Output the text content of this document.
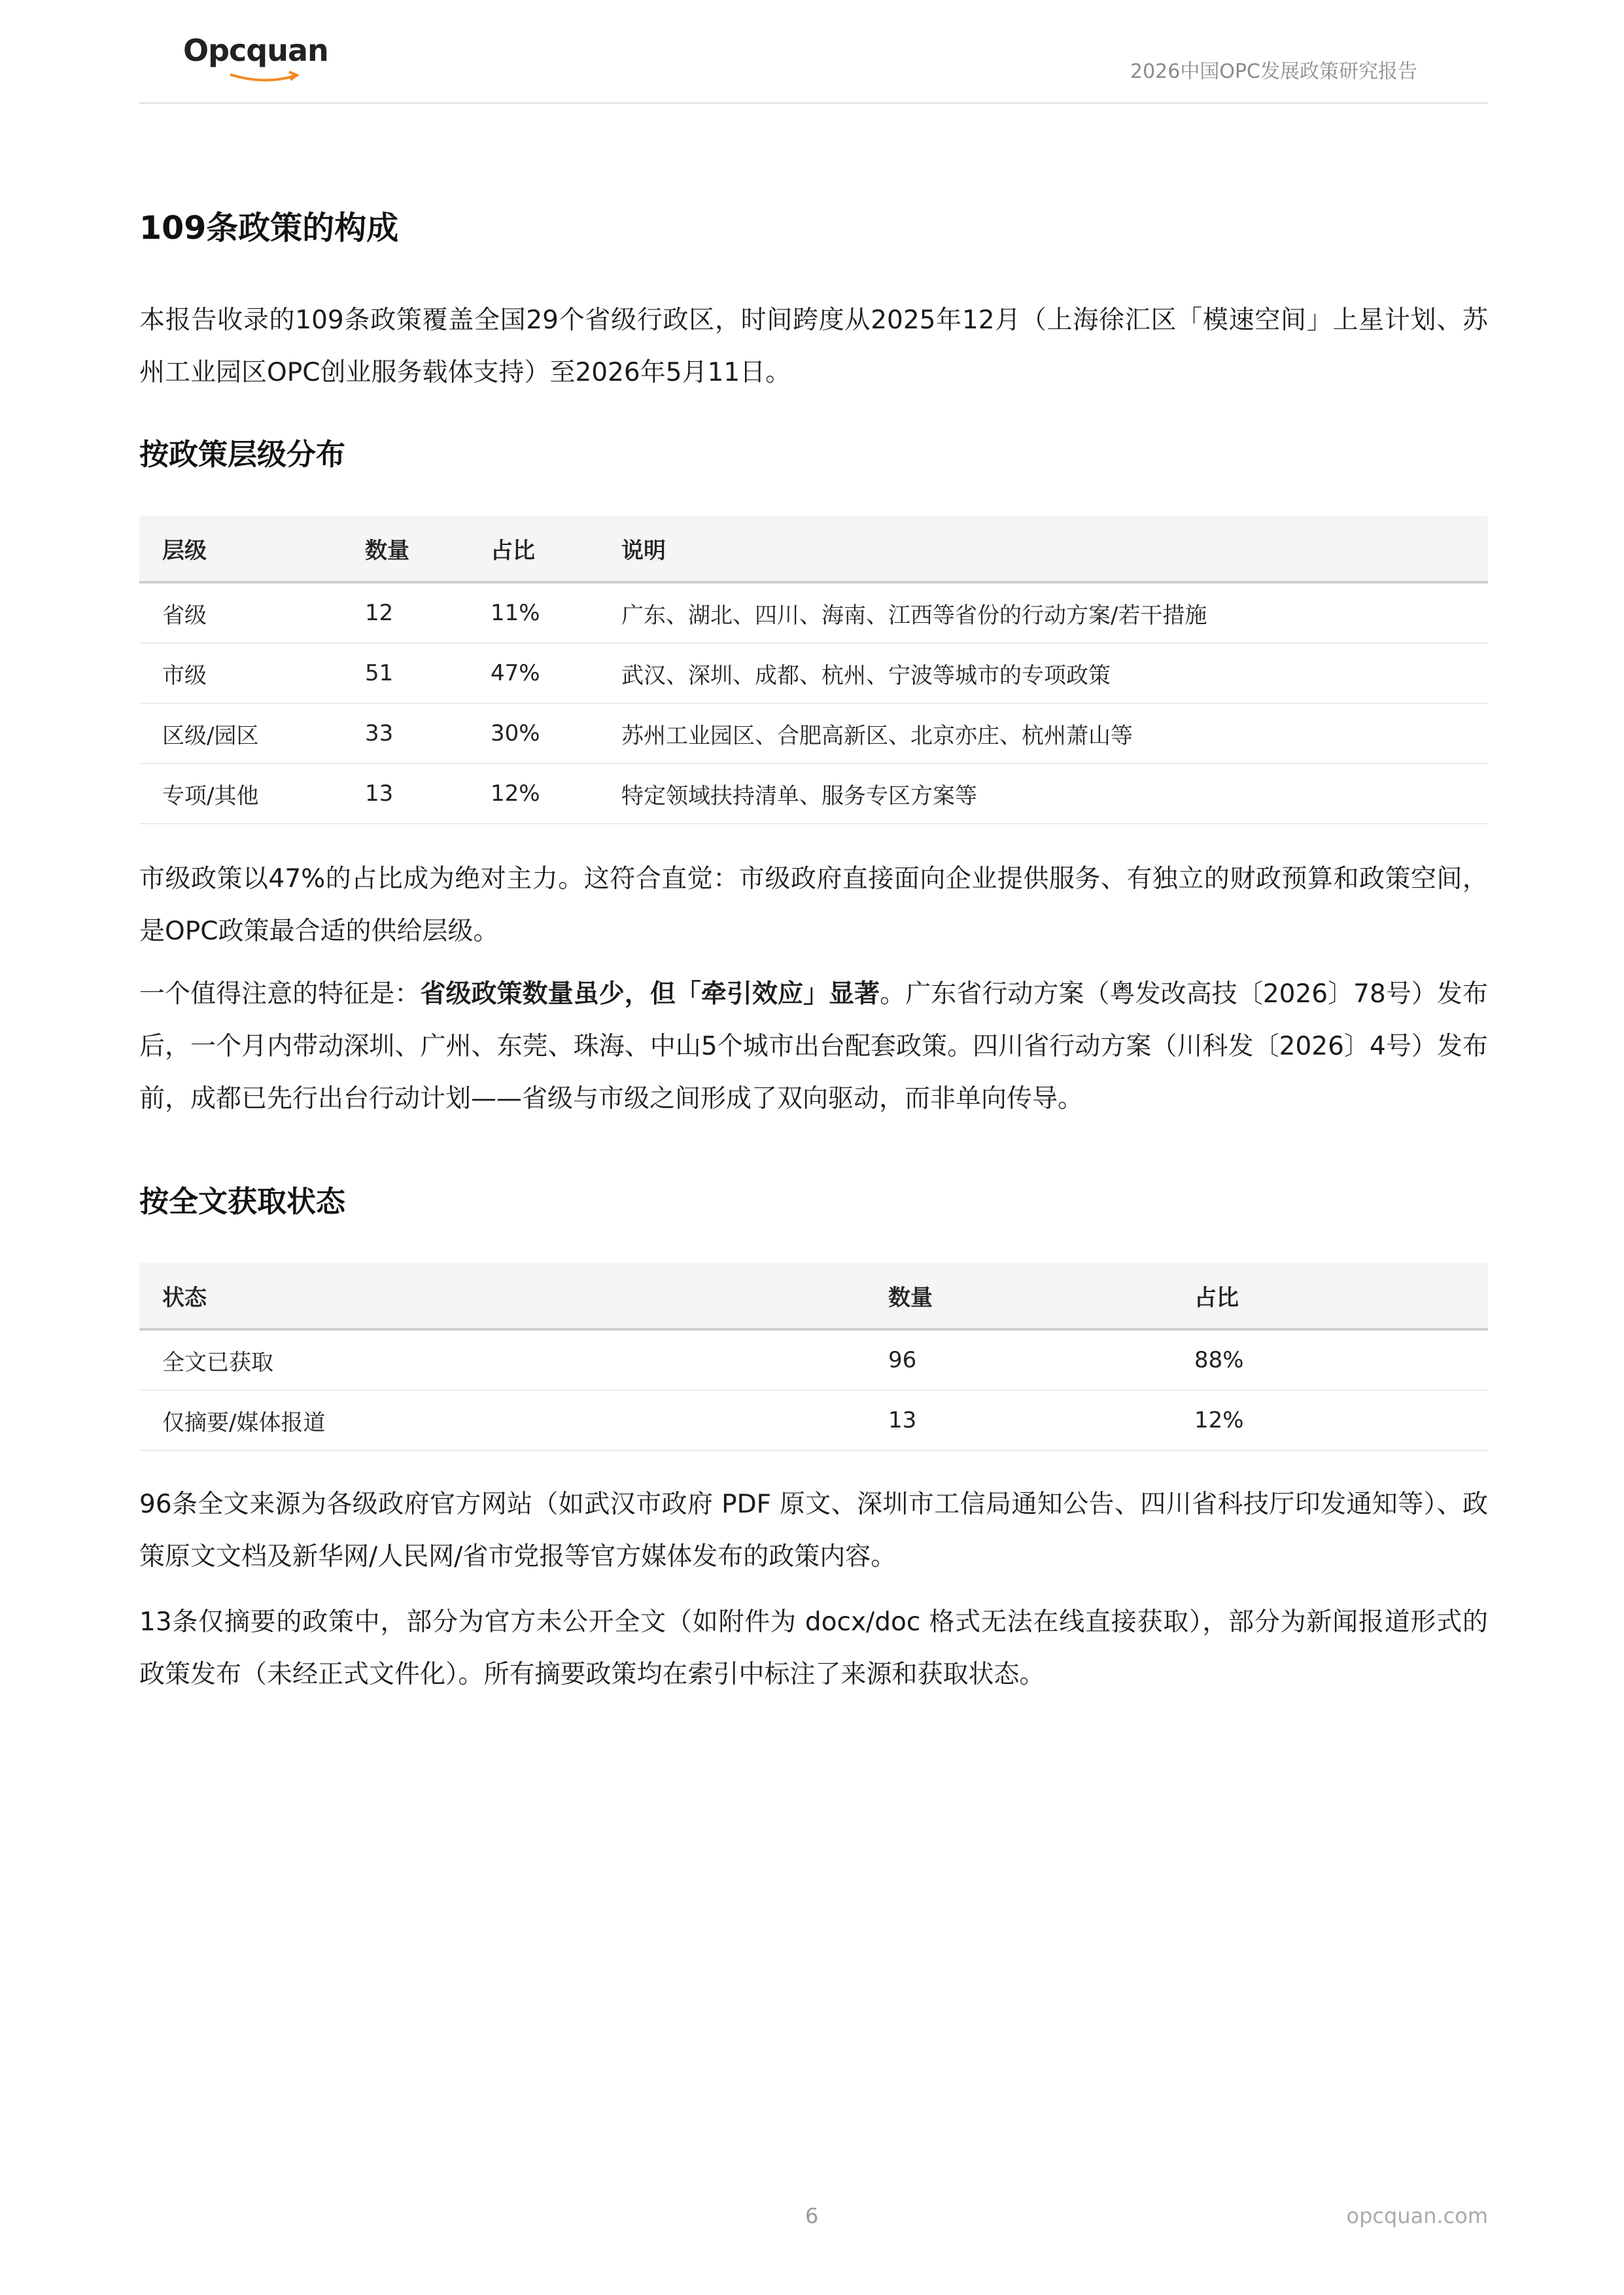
Opcquan
2026中国OPC发展政策研究报告
109条政策的构成

本报告收录的109条政策覆盖全国29个省级行政区，时间跨度从2025年12月（上海徐汇区「模速空间」上星计划、苏州工业园区OPC创业服务载体支持）至2026年5月11日。

按政策层级分布
层级	数量	占比	说明
省级	12	11%	广东、湖北、四川、海南、江西等省份的行动方案/若干措施
市级	51	47%	武汉、深圳、成都、杭州、宁波等城市的专项政策
区级/园区	33	30%	苏州工业园区、合肥高新区、北京亦庄、杭州萧山等
专项/其他	13	12%	特定领域扶持清单、服务专区方案等

市级政策以47%的占比成为绝对主力。这符合直觉：市级政府直接面向企业提供服务、有独立的财政预算和政策空间，是OPC政策最合适的供给层级。

一个值得注意的特征是：省级政策数量虽少，但「牵引效应」显著。广东省行动方案（粤发改高技〔2026〕78号）发布后，一个月内带动深圳、广州、东莞、珠海、中山5个城市出台配套政策。四川省行动方案（川科发〔2026〕4号）发布前，成都已先行出台行动计划——省级与市级之间形成了双向驱动，而非单向传导。

按全文获取状态
状态	数量	占比
全文已获取	96	88%
仅摘要/媒体报道	13	12%

96条全文来源为各级政府官方网站（如武汉市政府 PDF 原文、深圳市工信局通知公告、四川省科技厅印发通知等）、政策原文文档及新华网/人民网/省市党报等官方媒体发布的政策内容。

13条仅摘要的政策中，部分为官方未公开全文（如附件为 docx/doc 格式无法在线直接获取），部分为新闻报道形式的政策发布（未经正式文件化）。所有摘要政策均在索引中标注了来源和获取状态。

6	opcquan.com
